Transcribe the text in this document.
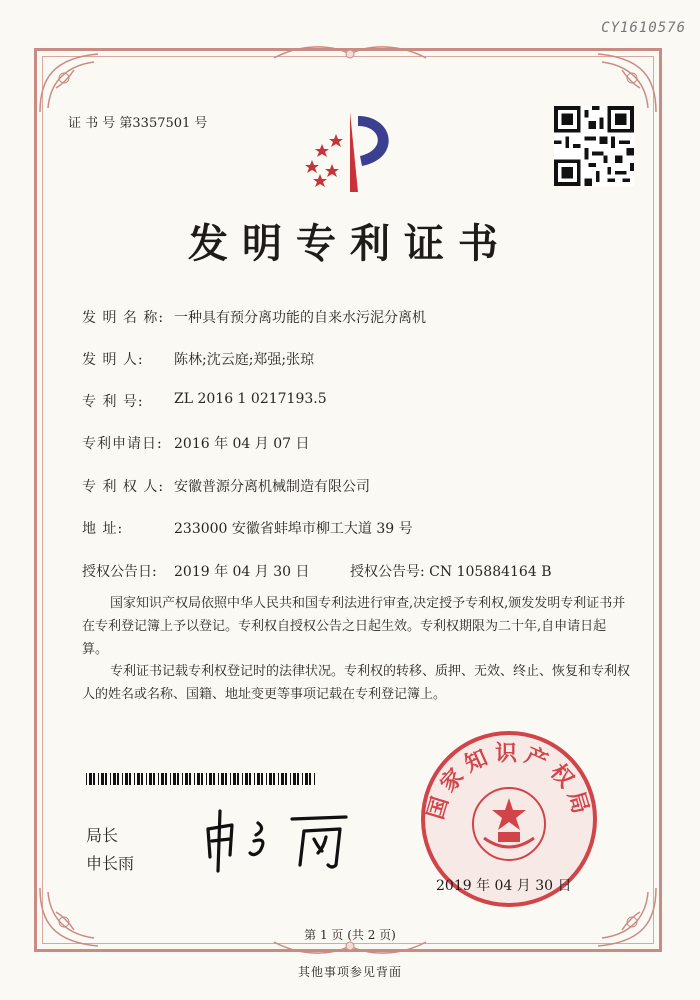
CY1610576
证 书 号 第3357501 号
发明专利证书
发 明 名 称: 一种具有预分离功能的自来水污泥分离机
发 明 人:	陈林;沈云庭;郑强;张琼
专 利 号:	ZL 2016 1 0217193.5
专利申请日: 2016 年 04 月 07 日
专 利 权 人: 安徽普源分离机械制造有限公司
地 址:	233000 安徽省蚌埠市柳工大道 39 号
授权公告日:	2019 年 04 月 30 日	授权公告号: CN 105884164 B
国家知识产权局依照中华人民共和国专利法进行审查,决定授予专利权,颁发发明专利证书并在专利登记簿上予以登记。专利权自授权公告之日起生效。专利权期限为二十年,自申请日起算。
专利证书记载专利权登记时的法律状况。专利权的转移、质押、无效、终止、恢复和专利权人的姓名或名称、国籍、地址变更等事项记载在专利登记簿上。
局长
申长雨
国家知识产权局
2019 年 04 月 30 日
第 1 页 (共 2 页)
其他事项参见背面
